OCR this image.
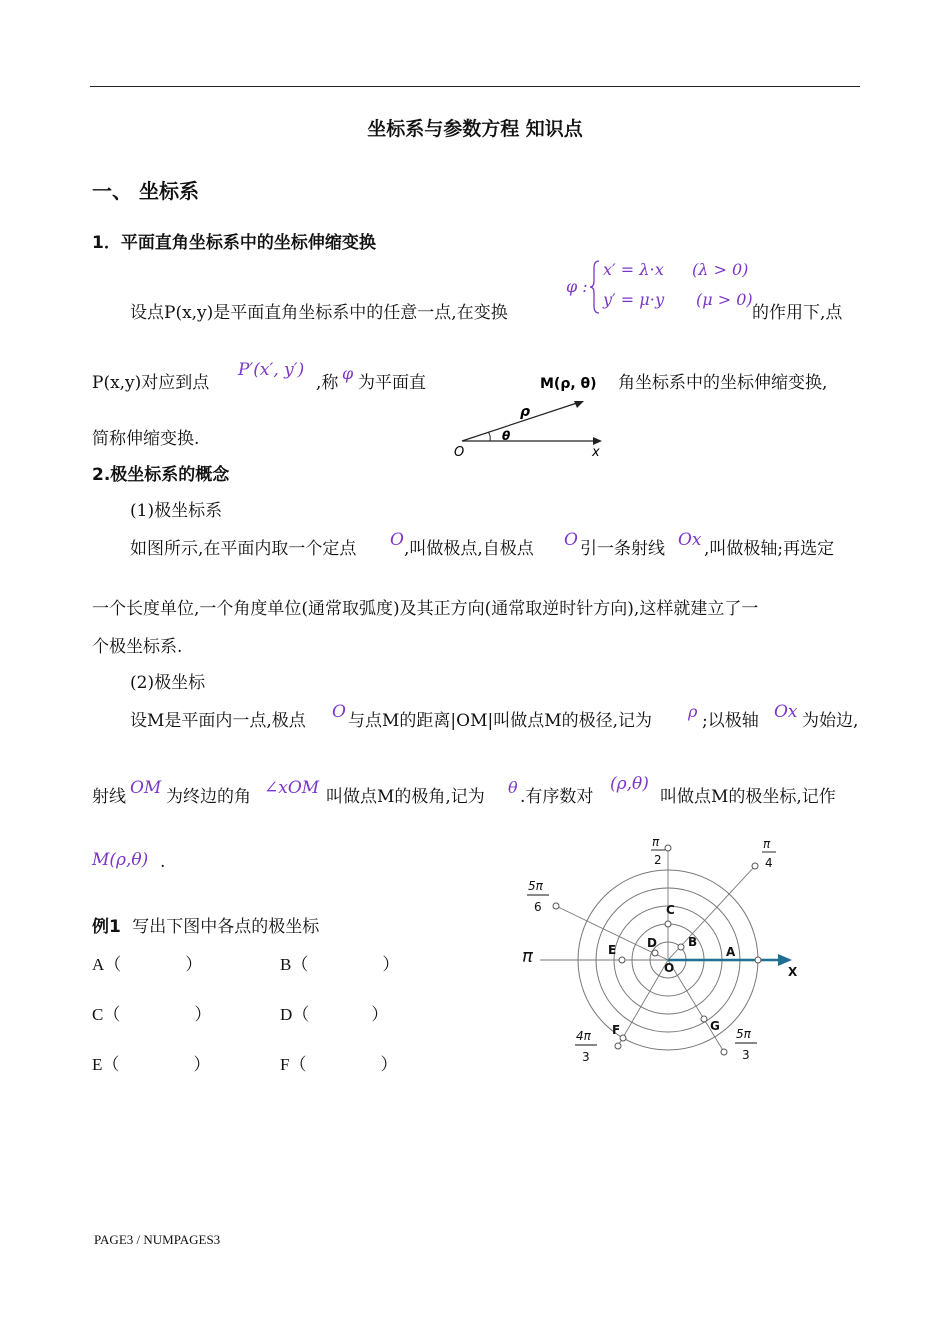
坐标系与参数方程 知识点
一、 坐标系
1．平面直角坐标系中的坐标伸缩变换
设点P(x,y)是平面直角坐标系中的任意一点,在变换
φ :
x′ = λ⋅x (λ > 0)
y′ = μ⋅y (μ > 0)
的作用下,点
P(x,y)对应到点
P′(x′, y′)
,称 φ 为平面直	角坐标系中的坐标伸缩变换,
M(ρ, θ)
ρ
θ
O	x
简称伸缩变换.
2.极坐标系的概念
(1)极坐标系
如图所示,在平面内取一个定点 O ,叫做极点,自极点 O 引一条射线 Ox ,叫做极轴;再选定
一个长度单位,一个角度单位(通常取弧度)及其正方向(通常取逆时针方向),这样就建立了一
个极坐标系.
(2)极坐标
设M是平面内一点,极点 O 与点M的距离|OM|叫做点M的极径,记为 ρ ;以极轴 Ox 为始边,
射线 OM 为终边的角 ∠xOM 叫做点M的极角,记为 θ .有序数对
(ρ,θ)
叫做点M的极坐标,记作
M(ρ,θ) .
例1 写出下图中各点的极坐标
A（	）	B（	）
C（	）	D（	）
E（	）	F（	）
A
B
C
D
E
F	G
O	X
π
2
π
4
5π
6
π
4π
3
5π
3
PAGE3 / NUMPAGES3
